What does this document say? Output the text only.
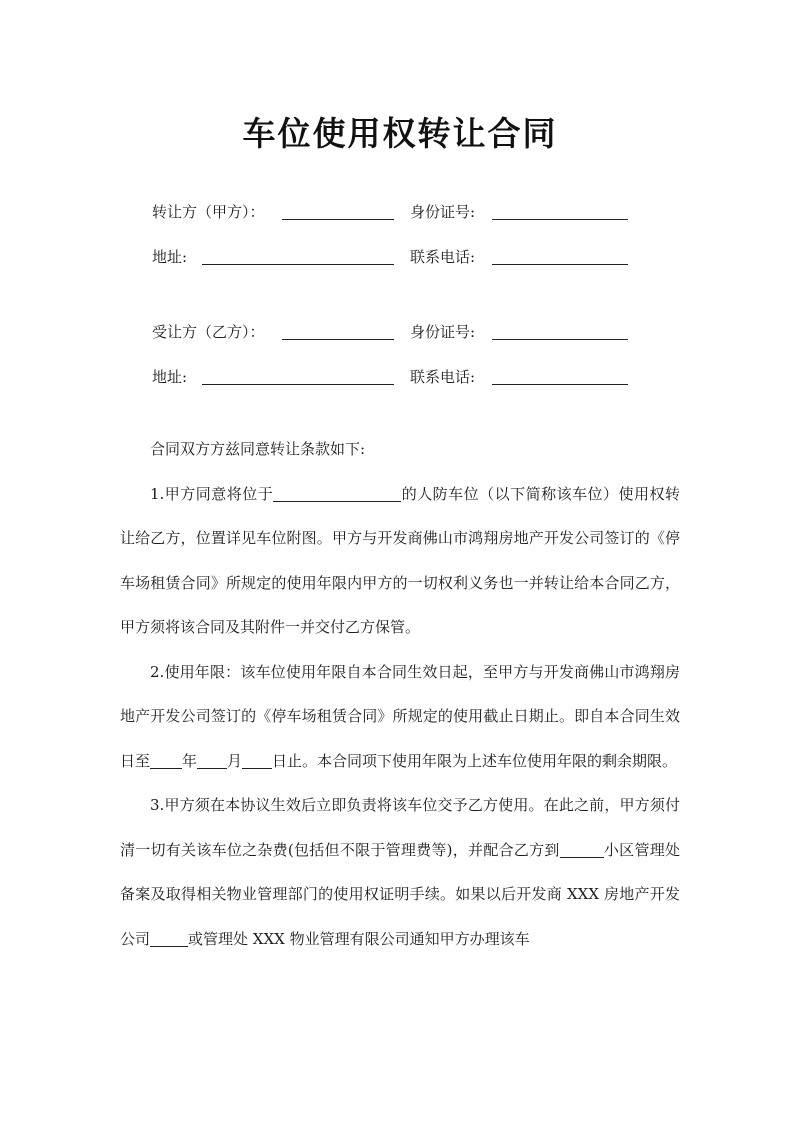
车位使用权转让合同
转让方（甲方）：	身份证号:
地址:	联系电话:
受让方（乙方）：	身份证号:
地址:	联系电话:

合同双方方兹同意转让条款如下:

1.甲方同意将位于	的人防车位（以下简称该车位）使用权转让给乙方，位置详见车位附图。甲方与开发商佛山市鸿翔房地产开发公司签订的《停车场租赁合同》所规定的使用年限内甲方的一切权利义务也一并转让给本合同乙方，甲方须将该合同及其附件一并交付乙方保管。

2.使用年限：该车位使用年限自本合同生效日起，至甲方与开发商佛山市鸿翔房地产开发公司签订的《停车场租赁合同》所规定的使用截止日期止。即自本合同生效日至 年 月 日止。本合同项下使用年限为上述车位使用年限的剩余期限。

3.甲方须在本协议生效后立即负责将该车位交予乙方使用。在此之前，甲方须付清一切有关该车位之杂费(包括但不限于管理费等)，并配合乙方到	小区管理处备案及取得相关物业管理部门的使用权证明手续。如果以后开发商 XXX 房地产开发公司	或管理处 XXX 物业管理有限公司通知甲方办理该车
